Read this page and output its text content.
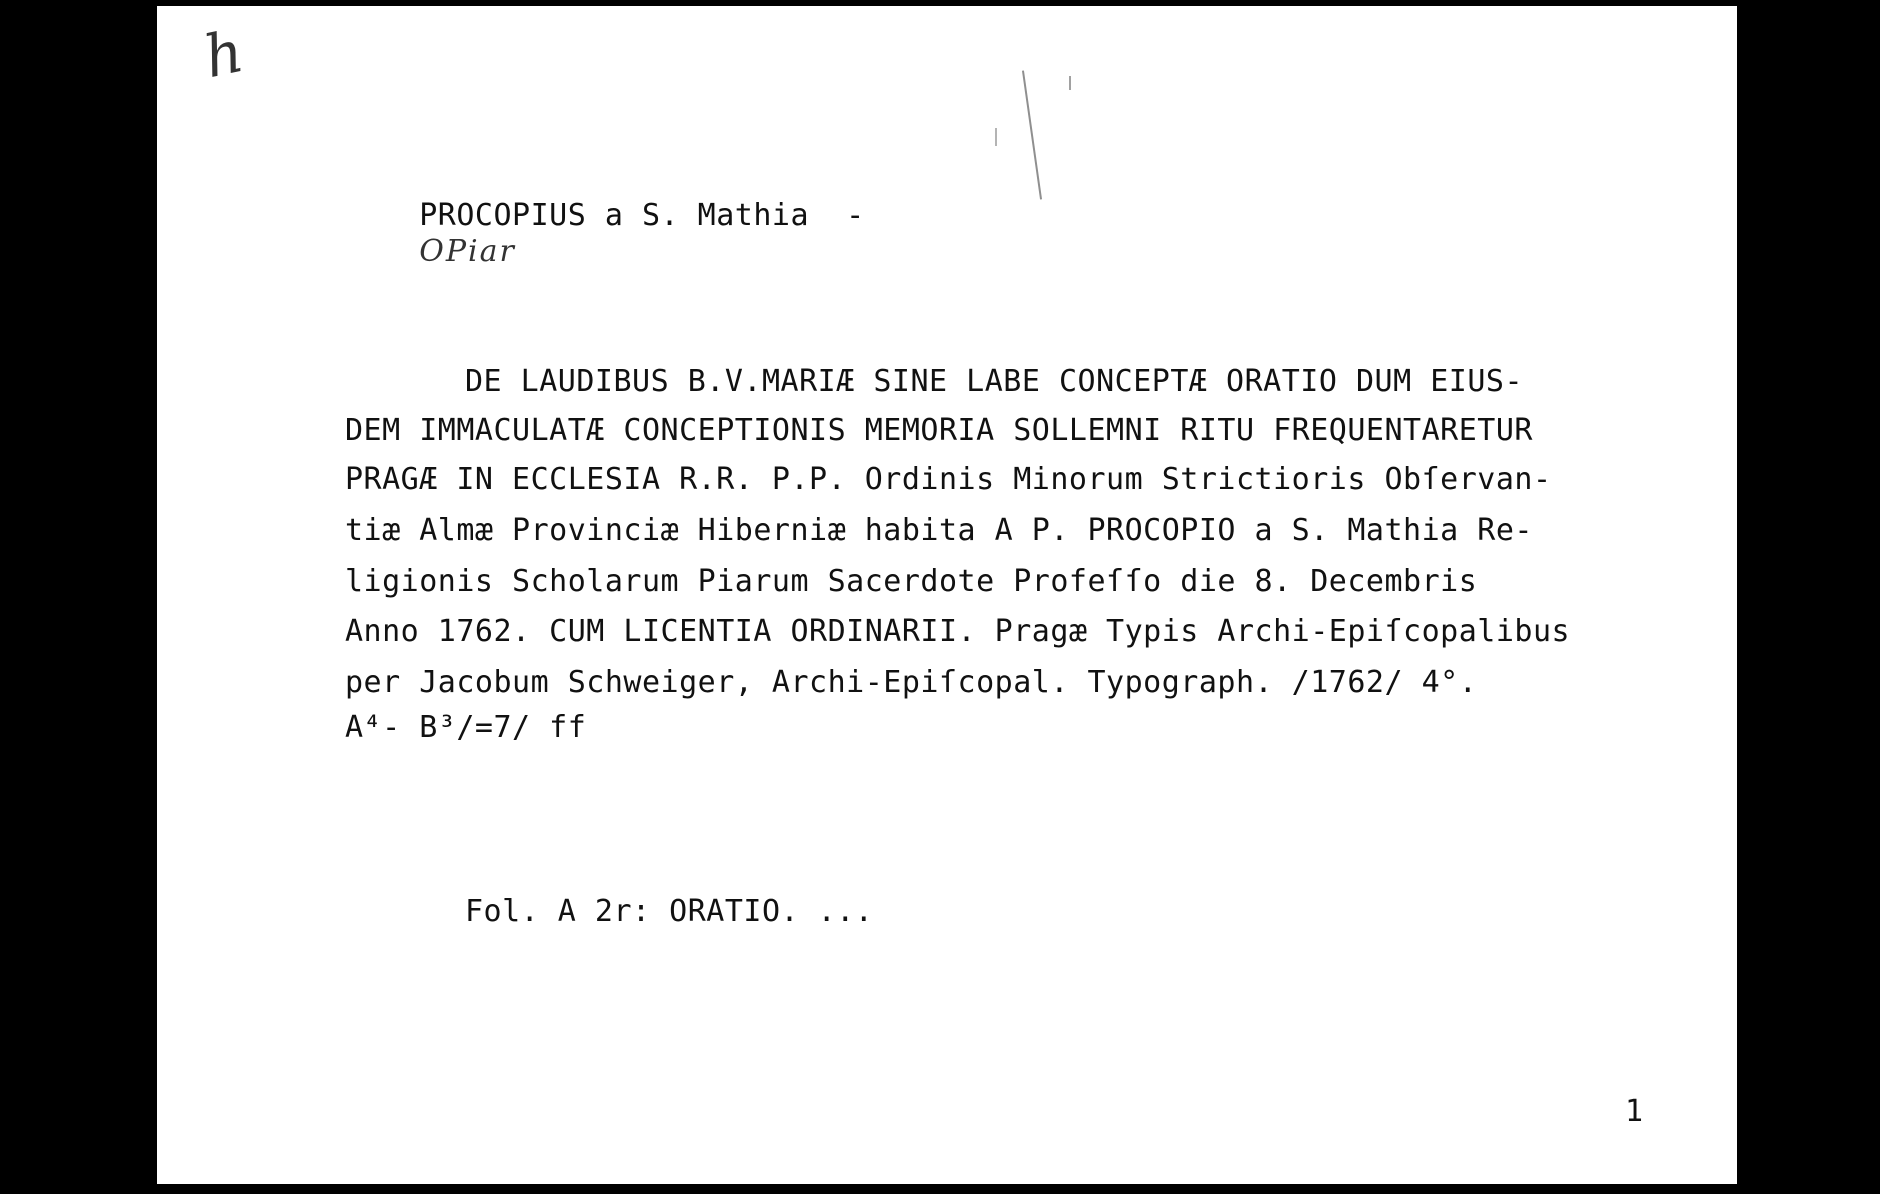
h

PROCOPIUS a S. Mathia  -
OPiar

DE LAUDIBUS B.V.MARIÆ SINE LABE CONCEPTÆ ORATIO DUM EIUS-
DEM IMMACULATÆ CONCEPTIONIS MEMORIA SOLLEMNI RITU FREQUENTARETUR
PRAGÆ IN ECCLESIA R.R. P.P. Ordinis Minorum Strictioris Obſervan-
tiæ Almæ Provinciæ Hiberniæ habita A P. PROCOPIO a S. Mathia Re-
ligionis Scholarum Piarum Sacerdote Profeſſo die 8. Decembris
Anno 1762. CUM LICENTIA ORDINARII. Pragæ Typis Archi-Epiſcopalibus
per Jacobum Schweiger, Archi-Epiſcopal. Typograph. /1762/ 4°.
A⁴- B³/=7/ ff
Fol. A 2r: ORATIO. ...
1
